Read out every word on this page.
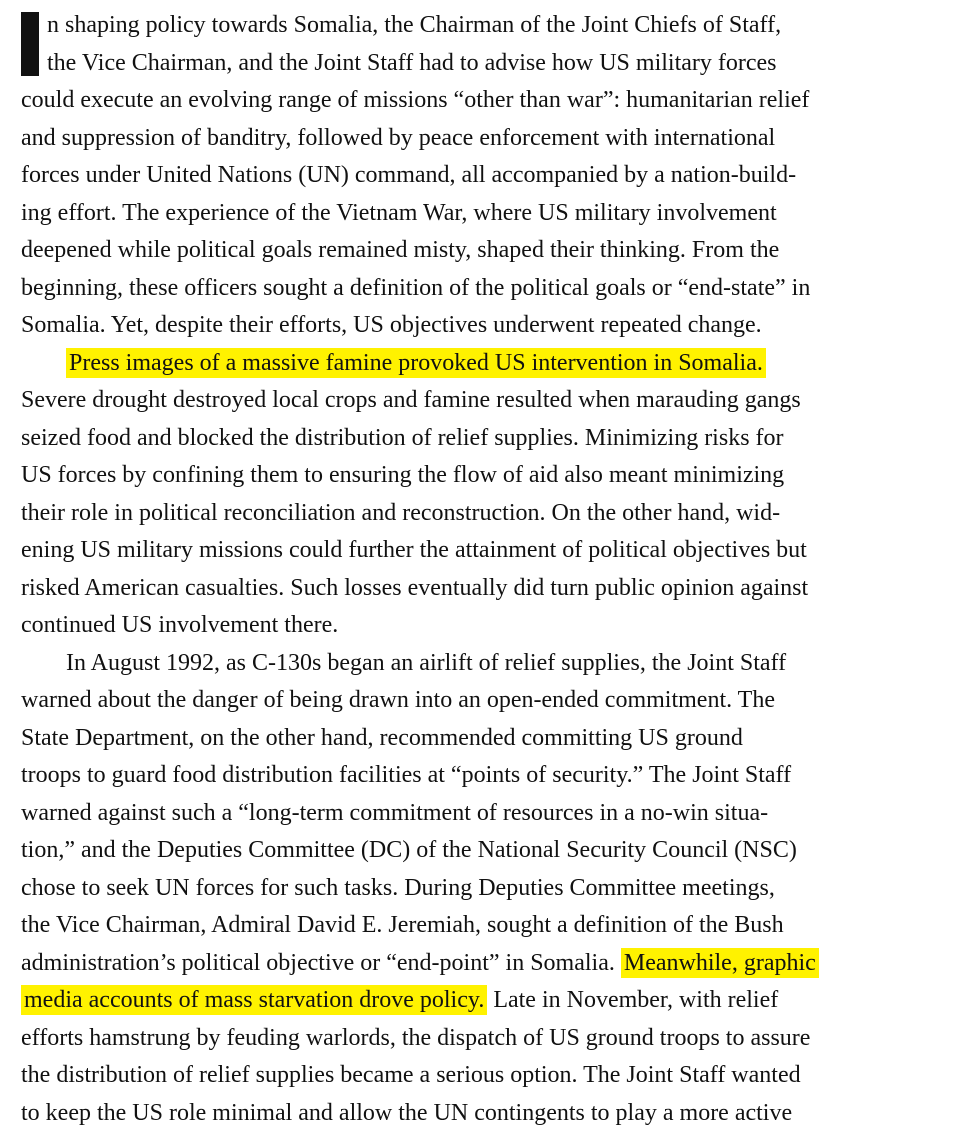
n shaping policy towards Somalia, the Chairman of the Joint Chiefs of Staff,
the Vice Chairman, and the Joint Staff had to advise how US military forces
could execute an evolving range of missions “other than war”: humanitarian relief
and suppression of banditry, followed by peace enforcement with international
forces under United Nations (UN) command, all accompanied by a nation-build-
ing effort. The experience of the Vietnam War, where US military involvement
deepened while political goals remained misty, shaped their thinking. From the
beginning, these officers sought a definition of the political goals or “end-state” in
Somalia. Yet, despite their efforts, US objectives underwent repeated change.
Press images of a massive famine provoked US intervention in Somalia.
Severe drought destroyed local crops and famine resulted when marauding gangs
seized food and blocked the distribution of relief supplies. Minimizing risks for
US forces by confining them to ensuring the flow of aid also meant minimizing
their role in political reconciliation and reconstruction. On the other hand, wid-
ening US military missions could further the attainment of political objectives but
risked American casualties. Such losses eventually did turn public opinion against
continued US involvement there.
In August 1992, as C-130s began an airlift of relief supplies, the Joint Staff
warned about the danger of being drawn into an open-ended commitment. The
State Department, on the other hand, recommended committing US ground
troops to guard food distribution facilities at “points of security.” The Joint Staff
warned against such a “long-term commitment of resources in a no-win situa-
tion,” and the Deputies Committee (DC) of the National Security Council (NSC)
chose to seek UN forces for such tasks. During Deputies Committee meetings,
the Vice Chairman, Admiral David E. Jeremiah, sought a definition of the Bush
administration’s political objective or “end-point” in Somalia. Meanwhile, graphic
media accounts of mass starvation drove policy. Late in November, with relief
efforts hamstrung by feuding warlords, the dispatch of US ground troops to assure
the distribution of relief supplies became a serious option. The Joint Staff wanted
to keep the US role minimal and allow the UN contingents to play a more active
